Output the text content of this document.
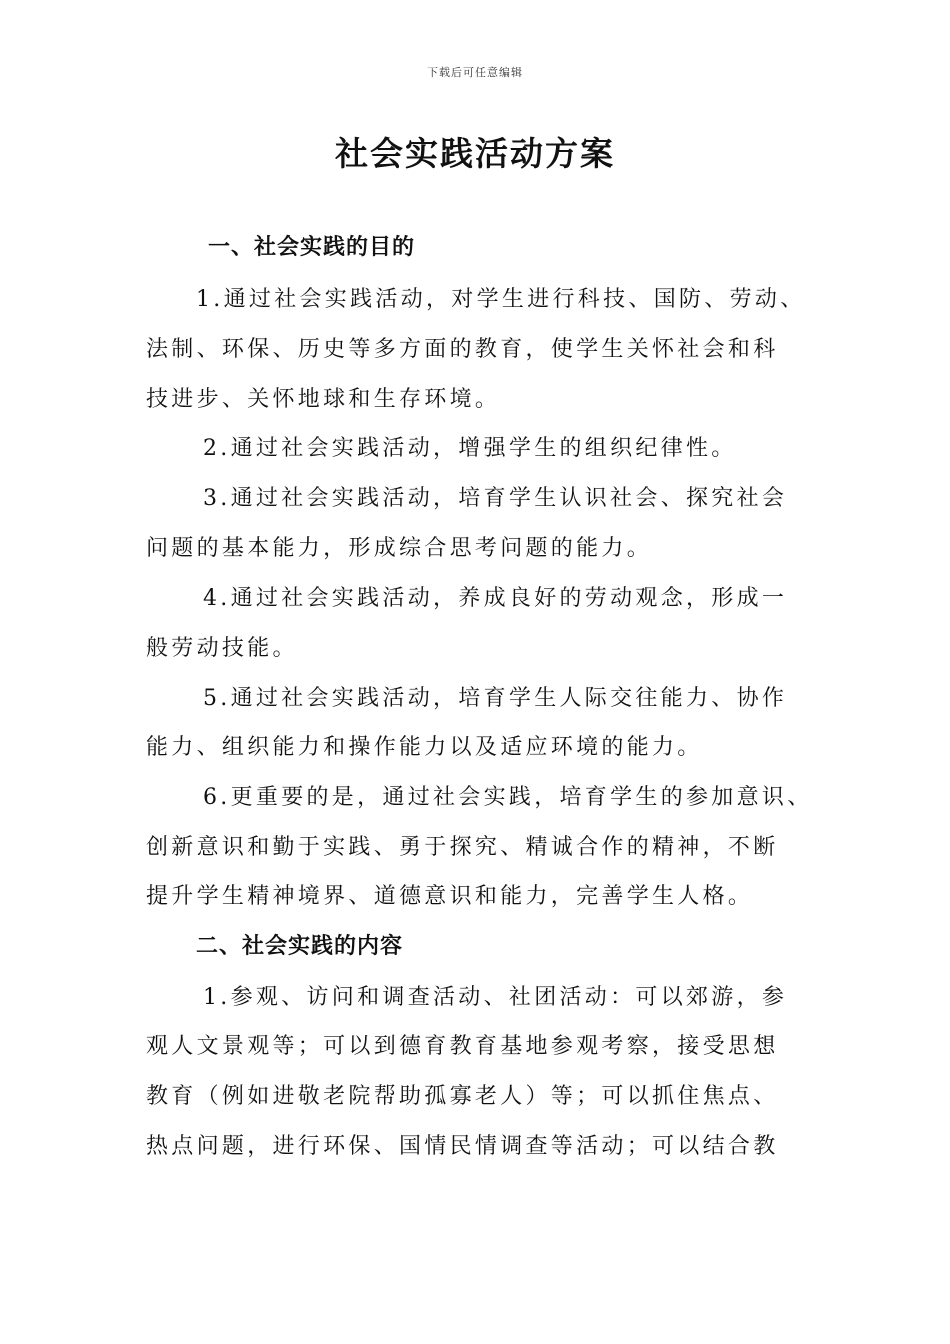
下载后可任意编辑
社会实践活动方案
一、社会实践的目的
1.通过社会实践活动，对学生进行科技、国防、劳动、
法制、环保、历史等多方面的教育，使学生关怀社会和科
技进步、关怀地球和生存环境。
2.通过社会实践活动，增强学生的组织纪律性。
3.通过社会实践活动，培育学生认识社会、探究社会
问题的基本能力，形成综合思考问题的能力。
4.通过社会实践活动，养成良好的劳动观念，形成一
般劳动技能。
5.通过社会实践活动，培育学生人际交往能力、协作
能力、组织能力和操作能力以及适应环境的能力。
6.更重要的是，通过社会实践，培育学生的参加意识、
创新意识和勤于实践、勇于探究、精诚合作的精神，不断
提升学生精神境界、道德意识和能力，完善学生人格。
二、社会实践的内容
1.参观、访问和调查活动、社团活动：可以郊游，参
观人文景观等；可以到德育教育基地参观考察，接受思想
教育（例如进敬老院帮助孤寡老人）等；可以抓住焦点、
热点问题，进行环保、国情民情调查等活动；可以结合教
